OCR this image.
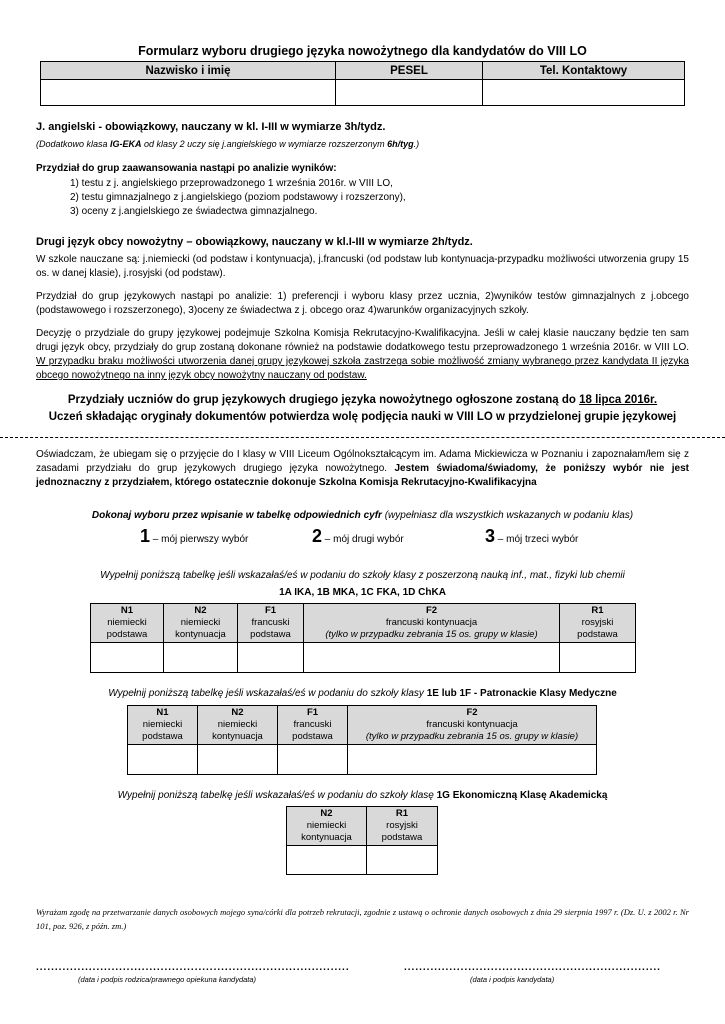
Formularz wyboru drugiego języka nowożytnego dla kandydatów do VIII LO
Nazwisko i imię	PESEL	Tel. Kontaktowy

J. angielski - obowiązkowy, nauczany w kl. I-III w wymiarze 3h/tydz.
(Dodatkowo klasa IG-EKA od klasy 2 uczy się j.angielskiego w wymiarze rozszerzonym 6h/tyg.)
Przydział do grup zaawansowania nastąpi po analizie wyników:
1) testu z j. angielskiego przeprowadzonego 1 września 2016r. w VIII LO,
2) testu gimnazjalnego z j.angielskiego (poziom podstawowy i rozszerzony),
3) oceny z j.angielskiego ze świadectwa gimnazjalnego.
Drugi język obcy nowożytny – obowiązkowy, nauczany w kl.I-III w wymiarze 2h/tydz.
W szkole nauczane są: j.niemiecki (od podstaw i kontynuacja), j.francuski (od podstaw lub kontynuacja-przypadku możliwości utworzenia grupy 15 os. w danej klasie), j.rosyjski (od podstaw).
Przydział do grup językowych nastąpi po analizie: 1) preferencji i wyboru klasy przez ucznia, 2)wyników testów gimnazjalnych z j.obcego (podstawowego i rozszerzonego), 3)oceny ze świadectwa z j. obcego oraz 4)warunków organizacyjnych szkoły.
Decyzję o przydziale do grupy językowej podejmuje Szkolna Komisja Rekrutacyjno-Kwalifikacyjna. Jeśli w całej klasie nauczany będzie ten sam drugi język obcy, przydziały do grup zostaną dokonane również na podstawie dodatkowego testu przeprowadzonego 1 września 2016r. w VIII LO. W przypadku braku możliwości utworzenia danej grupy językowej szkoła zastrzega sobie możliwość zmiany wybranego przez kandydata II języka obcego nowożytnego na inny język obcy nowożytny nauczany od podstaw.
Przydziały uczniów do grup językowych drugiego języka nowożytnego ogłoszone zostaną do 18 lipca 2016r.
Uczeń składając oryginały dokumentów potwierdza wolę podjęcia nauki w VIII LO w przydzielonej grupie językowej
Oświadczam, że ubiegam się o przyjęcie do I klasy w VIII Liceum Ogólnokształcącym im. Adama Mickiewicza w Poznaniu i zapoznałam/łem się z zasadami przydziału do grup językowych drugiego języka nowożytnego. Jestem świadoma/świadomy, że poniższy wybór nie jest jednoznaczny z przydziałem, którego ostatecznie dokonuje Szkolna Komisja Rekrutacyjno-Kwalifikacyjna
Dokonaj wyboru przez wpisanie w tabelkę odpowiednich cyfr (wypełniasz dla wszystkich wskazanych w podaniu klas)
1 – mój pierwszy wybór	2 – mój drugi wybór	3 – mój trzeci wybór
Wypełnij poniższą tabelkę jeśli wskazałaś/eś w podaniu do szkoły klasy z poszerzoną nauką inf., mat., fizyki lub chemii
1A IKA, 1B MKA, 1C FKA, 1D ChKA
N1
niemiecki
podstawa	N2
niemiecki
kontynuacja	F1
francuski
podstawa	F2
francuski kontynuacja
(tylko w przypadku zebrania 15 os. grupy w klasie)	R1
rosyjski
podstawa

Wypełnij poniższą tabelkę jeśli wskazałaś/eś w podaniu do szkoły klasy 1E lub 1F - Patronackie Klasy Medyczne
N1
niemiecki
podstawa	N2
niemiecki
kontynuacja	F1
francuski
podstawa	F2
francuski kontynuacja
(tylko w przypadku zebrania 15 os. grupy w klasie)

Wypełnij poniższą tabelkę jeśli wskazałaś/eś w podaniu do szkoły klasę 1G Ekonomiczną Klasę Akademicką
N2
niemiecki
kontynuacja	R1
rosyjski
podstawa

Wyrażam zgodę na przetwarzanie danych osobowych mojego syna/córki dla potrzeb rekrutacji, zgodnie z ustawą o ochronie danych osobowych z dnia 29 sierpnia 1997 r. (Dz. U. z 2002 r. Nr 101, poz. 926, z późn. zm.)
...................................................................................	....................................................................
(data i podpis rodzica/prawnego opiekuna kandydata)	(data i podpis kandydata)
